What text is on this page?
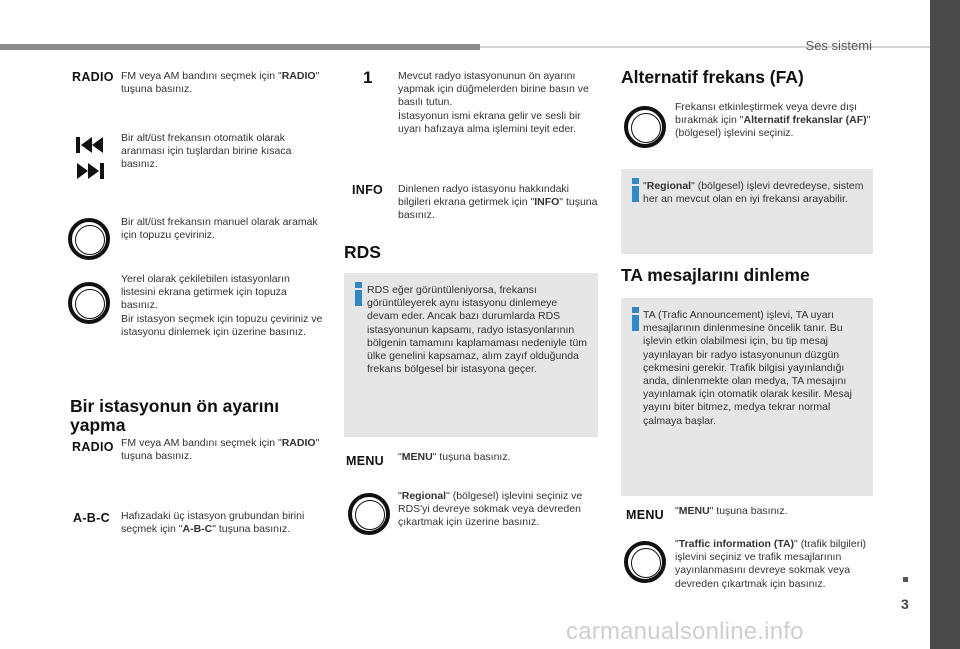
Ses sistemi
3
carmanualsonline.info
RADIO FM veya AM bandını seçmek için "RADIO" tuşuna basınız.
Bir alt/üst frekansın otomatik olarak aranması için tuşlardan birine kısaca basınız.
Bir alt/üst frekansın manuel olarak aramak için topuzu çeviriniz.
Yerel olarak çekilebilen istasyonların listesini ekrana getirmek için topuza basınız.
Bir istasyon seçmek için topuzu çeviriniz ve istasyonu dinlemek için üzerine basınız.
Bir istasyonun ön ayarını
yapma
RADIO FM veya AM bandını seçmek için "RADIO" tuşuna basınız.
A-B-C Hafızadaki üç istasyon grubundan birini seçmek için "A-B-C" tuşuna basınız.
1 Mevcut radyo istasyonunun ön ayarını yapmak için düğmelerden birine basın ve basılı tutun.
İstasyonun ismi ekrana gelir ve sesli bir uyarı hafızaya alma işlemini teyit eder.
INFO Dinlenen radyo istasyonu hakkındaki bilgileri ekrana getirmek için "INFO" tuşuna basınız.
RDS
RDS eğer görüntüleniyorsa, frekansı görüntüleyerek aynı istasyonu dinlemeye devam eder. Ancak bazı durumlarda RDS istasyonunun kapsamı, radyo istasyonlarının bölgenin tamamını kaplamaması nedeniyle tüm ülke genelini kapsamaz, alım zayıf olduğunda frekans bölgesel bir istasyona geçer.
MENU "MENU" tuşuna basınız.
"Regional" (bölgesel) işlevini seçiniz ve RDS'yi devreye sokmak veya devreden çıkartmak için üzerine basınız.
Alternatif frekans (FA)
Frekansı etkinleştirmek veya devre dışı bırakmak için "Alternatif frekanslar (AF)" (bölgesel) işlevini seçiniz.
"Regional" (bölgesel) işlevi devredeyse, sistem her an mevcut olan en iyi frekansı arayabilir.
TA mesajlarını dinleme
TA (Trafic Announcement) işlevi, TA uyarı mesajlarının dinlenmesine öncelik tanır. Bu işlevin etkin olabilmesi için, bu tip mesaj yayınlayan bir radyo istasyonunun düzgün çekmesini gerekir. Trafik bilgisi yayınlandığı anda, dinlenmekte olan medya, TA mesajını yayınlamak için otomatik olarak kesilir. Mesaj yayını biter bitmez, medya tekrar normal çalmaya başlar.
MENU "MENU" tuşuna basınız.
"Traffic information (TA)" (trafik bilgileri) işlevini seçiniz ve trafik mesajlarının yayınlanmasını devreye sokmak veya devreden çıkartmak için basınız.
